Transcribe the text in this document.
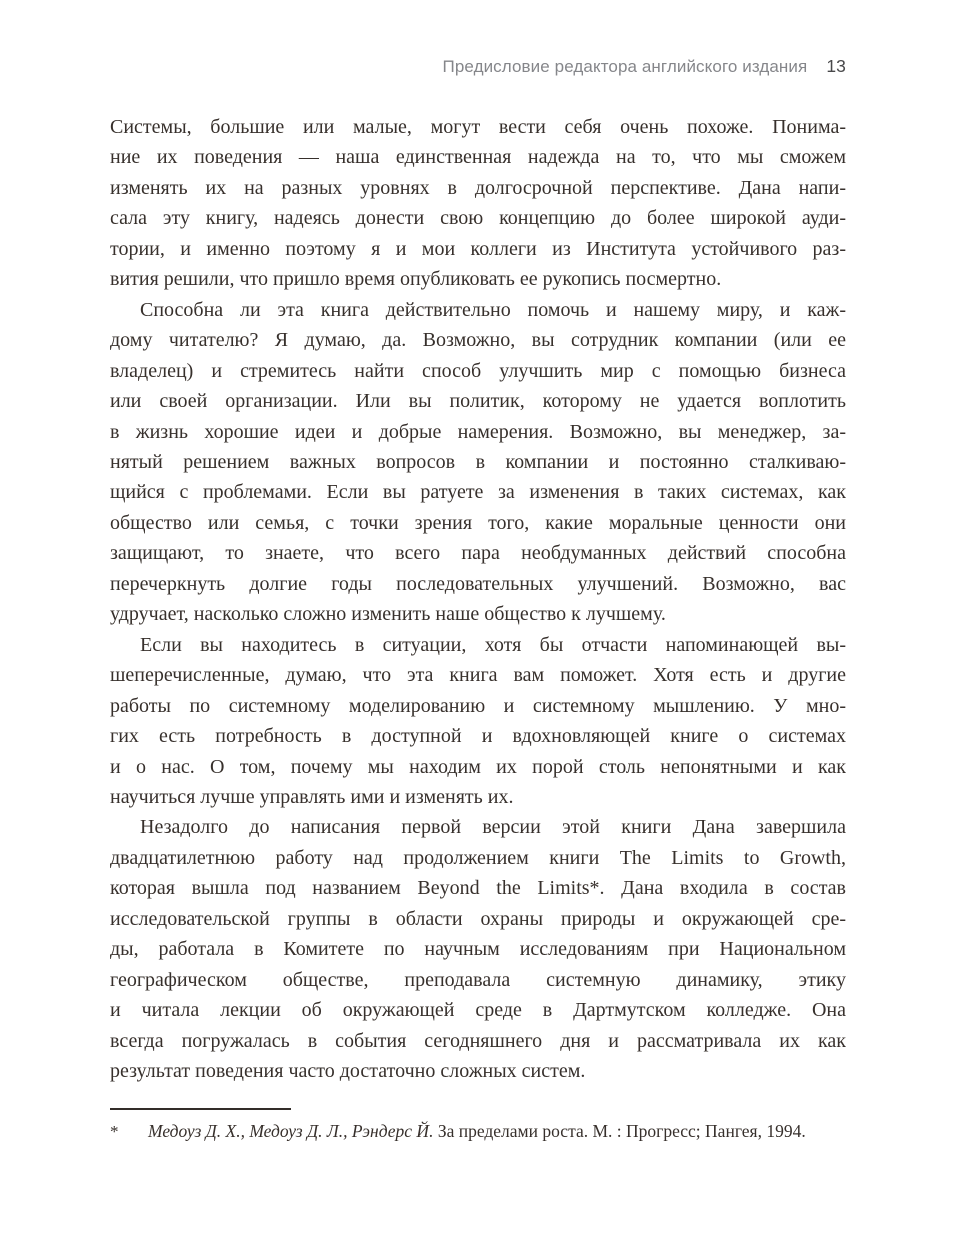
Предисловие редактора английского издания 13
Системы, большие или малые, могут вести себя очень похоже. Понима-
ние их поведения — наша единственная надежда на то, что мы сможем
изменять их на разных уровнях в долгосрочной перспективе. Дана напи-
сала эту книгу, надеясь донести свою концепцию до более широкой ауди-
тории, и именно поэтому я и мои коллеги из Института устойчивого раз-
вития решили, что пришло время опубликовать ее рукопись посмертно.
Способна ли эта книга действительно помочь и нашему миру, и каж-
дому читателю? Я думаю, да. Возможно, вы сотрудник компании (или ее
владелец) и стремитесь найти способ улучшить мир с помощью бизнеса
или своей организации. Или вы политик, которому не удается воплотить
в жизнь хорошие идеи и добрые намерения. Возможно, вы менеджер, за-
нятый решением важных вопросов в компании и постоянно сталкиваю-
щийся с проблемами. Если вы ратуете за изменения в таких системах, как
общество или семья, с точки зрения того, какие моральные ценности они
защищают, то знаете, что всего пара необдуманных действий способна
перечеркнуть долгие годы последовательных улучшений. Возможно, вас
удручает, насколько сложно изменить наше общество к лучшему.
Если вы находитесь в ситуации, хотя бы отчасти напоминающей вы-
шеперечисленные, думаю, что эта книга вам поможет. Хотя есть и другие
работы по системному моделированию и системному мышлению. У мно-
гих есть потребность в доступной и вдохновляющей книге о системах
и о нас. О том, почему мы находим их порой столь непонятными и как
научиться лучше управлять ими и изменять их.
Незадолго до написания первой версии этой книги Дана завершила
двадцатилетнюю работу над продолжением книги The Limits to Growth,
которая вышла под названием Beyond the Limits*. Дана входила в состав
исследовательской группы в области охраны природы и окружающей сре-
ды, работала в Комитете по научным исследованиям при Национальном
географическом обществе, преподавала системную динамику, этику
и читала лекции об окружающей среде в Дартмутском колледже. Она
всегда погружалась в события сегодняшнего дня и рассматривала их как
результат поведения часто достаточно сложных систем.
*	Медоуз Д. Х., Медоуз Д. Л., Рэндерс Й. За пределами роста. М. : Прогресс; Пангея, 1994.
